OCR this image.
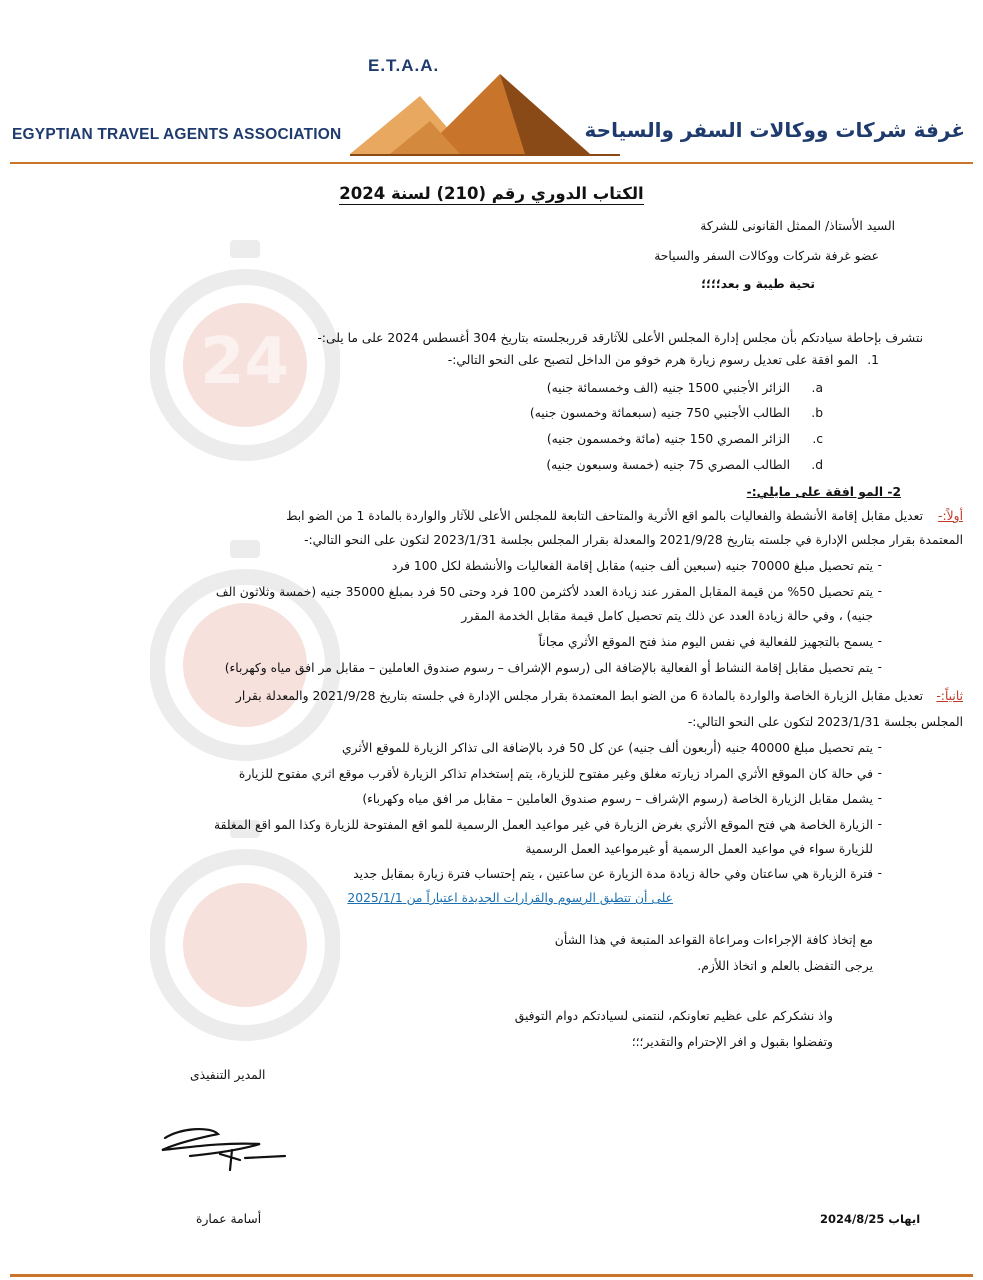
24
E.T.A.A.
EGYPTIAN TRAVEL AGENTS ASSOCIATION	غرفة شركات ووكالات السفر والسياحة
الكتاب الدوري رقم (210) لسنة 2024
السيد الأستاذ/ الممثل القانونى للشركة
عضو غرفة شركات ووكالات السفر والسياحة
تحية طيبة و بعد؛؛؛؛
نتشرف بإحاطة سيادتكم بأن مجلس إدارة المجلس الأعلى للآثارقد قرربجلسته بتاريخ 304 أغسطس 2024 على ما يلى:-
1.
المو افقة على تعديل رسوم زيارة هرم خوفو من الداخل لتصبح على النحو التالي:-
a.
الزائر الأجنبي 1500 جنيه (الف وخمسمائة جنيه)
b.
الطالب الأجنبي 750 جنيه (سبعمائة وخمسون جنيه)
c.
الزائر المصري 150 جنيه (مائة وخمسمون جنيه)
d.
الطالب المصري 75 جنيه (خمسة وسبعون جنيه)
2- المو افقة على مايلي:-
أولاً:-
تعديل مقابل إقامة الأنشطة والفعاليات بالمو اقع الأثرية والمتاحف التابعة للمجلس الأعلى للآثار والواردة بالمادة 1 من الضو ابط
المعتمدة بقرار مجلس الإدارة في جلسته بتاريخ 2021/9/28 والمعدلة بقرار المجلس بجلسة 2023/1/31 لتكون على النحو التالي:-
يتم تحصيل مبلغ 70000 جنيه (سبعين ألف جنيه) مقابل إقامة الفعاليات والأنشطة لكل 100 فرد
يتم تحصيل 50% من قيمة المقابل المقرر عند زيادة العدد لأكثرمن 100 فرد وحتى 50 فرد بمبلغ 35000 جنيه (خمسة وثلاثون الف
جنيه) ، وفي حالة زيادة العدد عن ذلك يتم تحصيل كامل قيمة مقابل الخدمة المقرر
يسمح بالتجهيز للفعالية في نفس اليوم منذ فتح الموقع الأثري مجاناً
يتم تحصيل مقابل إقامة النشاط أو الفعالية بالإضافة الى (رسوم الإشراف – رسوم صندوق العاملين – مقابل مر افق مياه وكهرباء)
ثانياً:-
تعديل مقابل الزيارة الخاصة والواردة بالمادة 6 من الضو ابط المعتمدة بقرار مجلس الإدارة في جلسته بتاريخ 2021/9/28 والمعدلة بقرار
المجلس بجلسة 2023/1/31 لتكون على النحو التالي:-
يتم تحصيل مبلغ 40000 جنيه (أربعون ألف جنيه) عن كل 50 فرد بالإضافة الى تذاكر الزيارة للموقع الأثري
في حالة كان الموقع الأثري المراد زيارته مغلق وغير مفتوح للزيارة، يتم إستخدام تذاكر الزيارة لأقرب موقع اثري مفتوح للزيارة
يشمل مقابل الزيارة الخاصة (رسوم الإشراف – رسوم صندوق العاملين – مقابل مر افق مياه وكهرباء)
الزيارة الخاصة هي فتح الموقع الأثري بغرض الزيارة في غير مواعيد العمل الرسمية للمو اقع المفتوحة للزيارة وكذا المو اقع المغلقة
للزيارة سواء في مواعيد العمل الرسمية أو غيرمواعيد العمل الرسمية
فترة الزيارة هي ساعتان وفي حالة زيادة مدة الزيارة عن ساعتين ، يتم إحتساب فترة زيارة بمقابل جديد
على أن تتطبق الرسوم والقرارات الجديدة اعتباراً من 2025/1/1
-
-
-
-
-
-
-
-
-
مع إتخاذ كافة الإجراءات ومراعاة القواعد المتبعة في هذا الشأن
يرجى التفضل بالعلم و اتخاذ اللأزم.
واذ نشكركم على عظيم تعاونكم، لنتمنى لسيادتكم دوام التوفيق
وتفضلوا بقبول و افر الإحترام والتقدير؛؛؛
المدير التنفيذى
أسامة عمارة	2024/8/25 ايهاب
